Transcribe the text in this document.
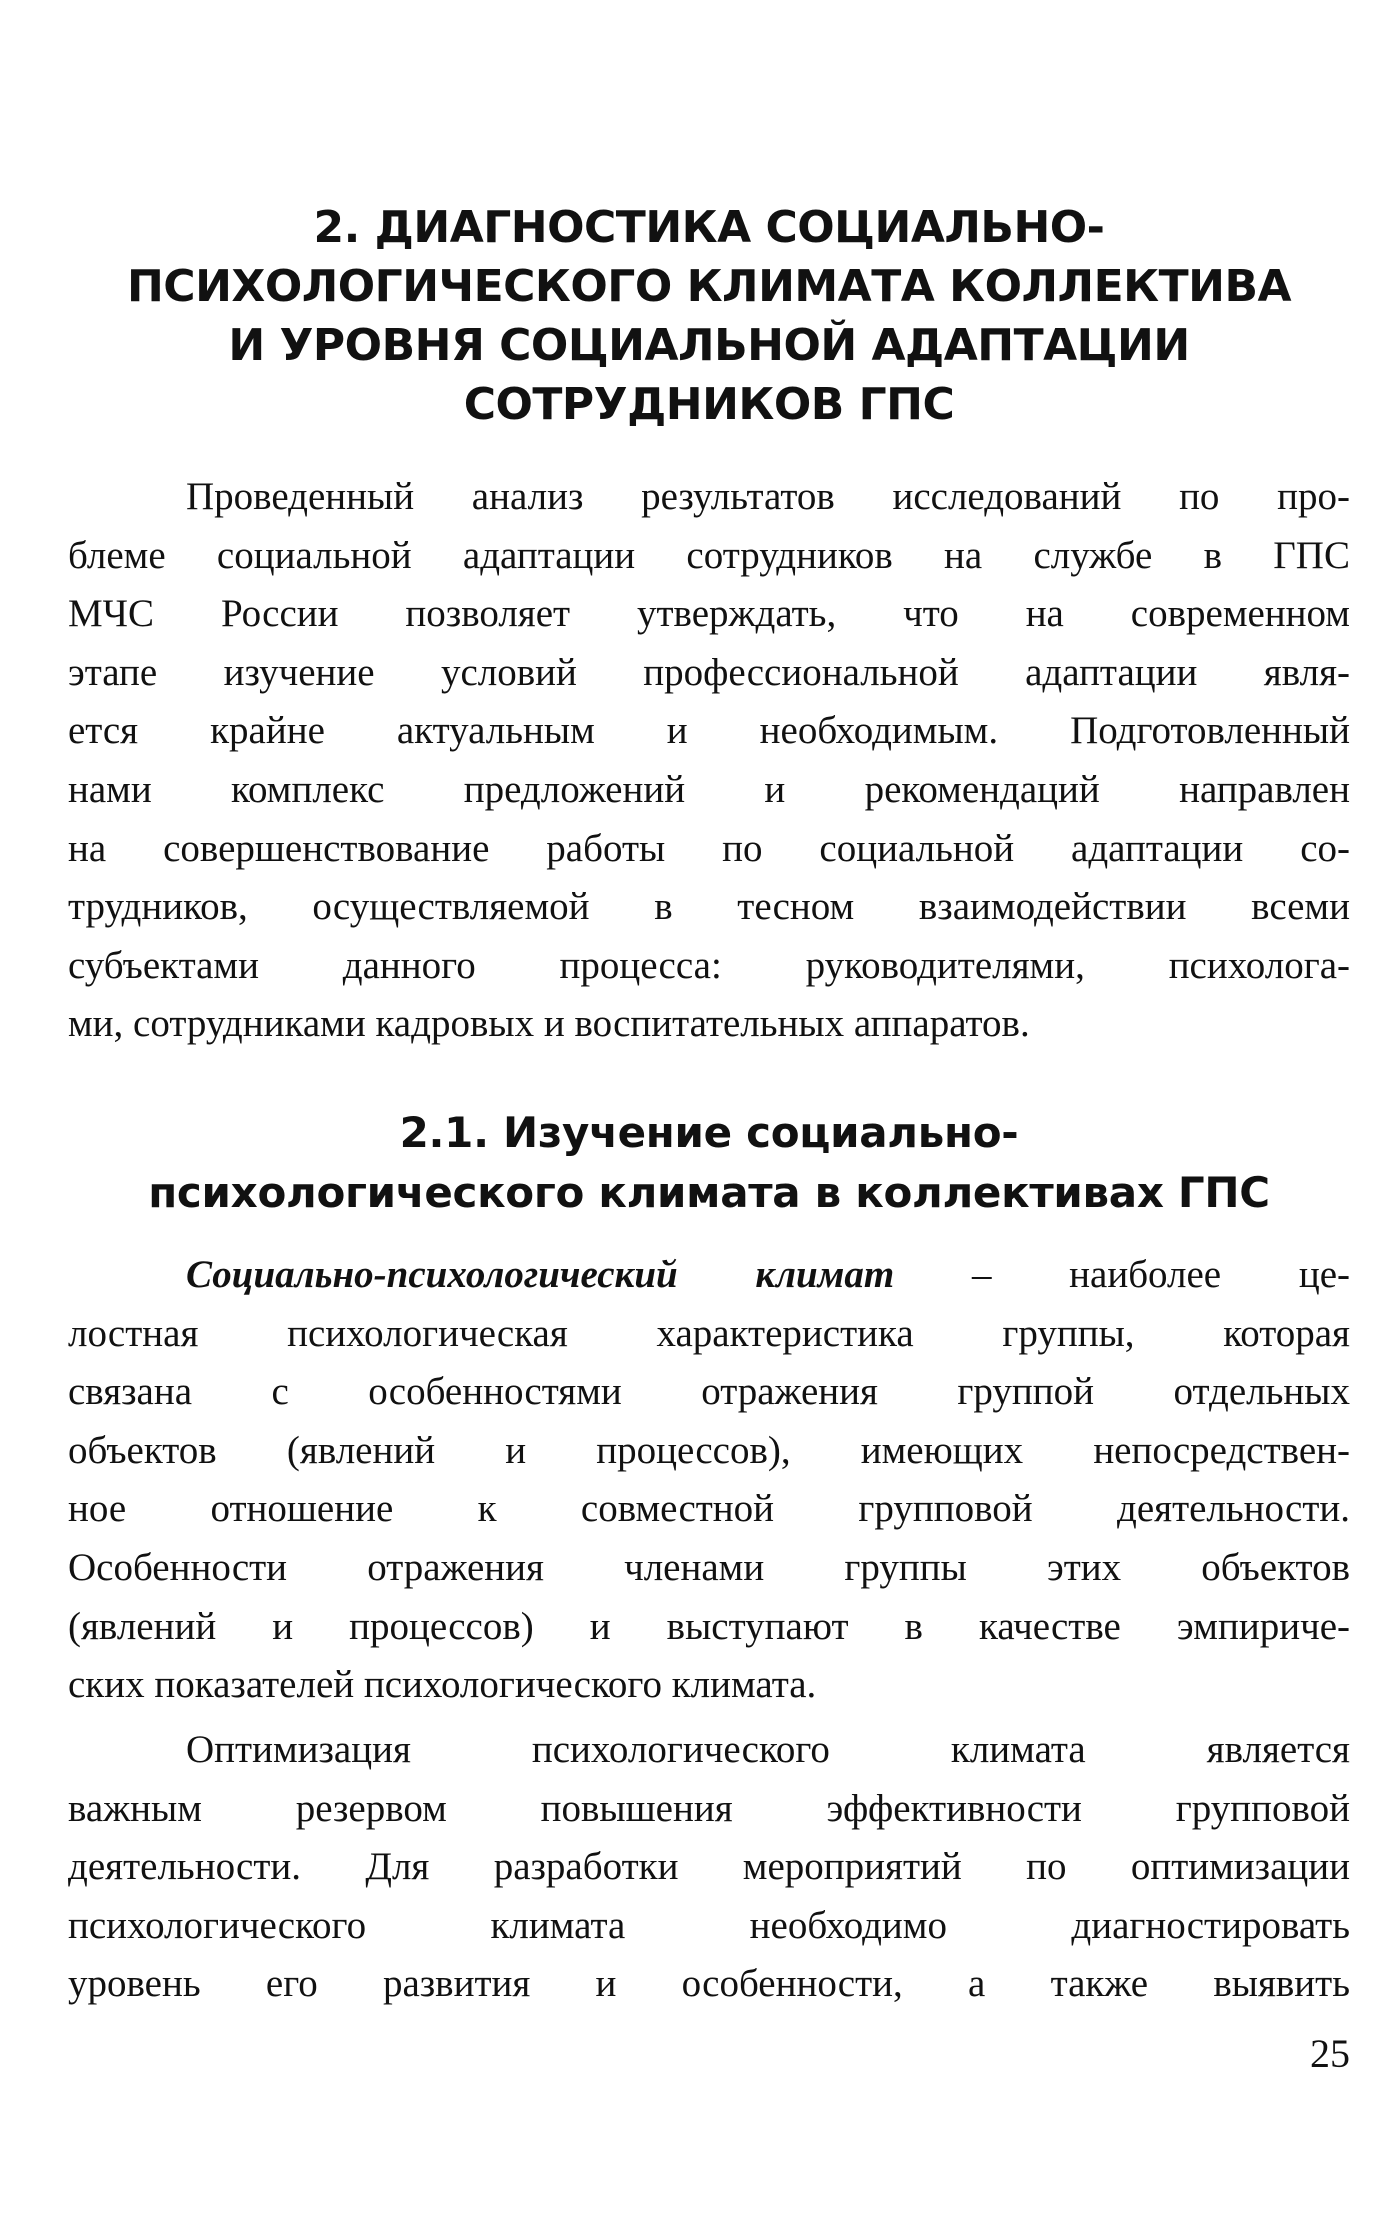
2. ДИАГНОСТИКА СОЦИАЛЬНО-
ПСИХОЛОГИЧЕСКОГО КЛИМАТА КОЛЛЕКТИВА
И УРОВНЯ СОЦИАЛЬНОЙ АДАПТАЦИИ
СОТРУДНИКОВ ГПС
Проведенный анализ результатов исследований по про-
блеме социальной адаптации сотрудников на службе в ГПС
МЧС России позволяет утверждать, что на современном
этапе изучение условий профессиональной адаптации явля-
ется крайне актуальным и необходимым. Подготовленный
нами комплекс предложений и рекомендаций направлен
на совершенствование работы по социальной адаптации со-
трудников, осуществляемой в тесном взаимодействии всеми
субъектами данного процесса: руководителями, психолога-
ми, сотрудниками кадровых и воспитательных аппаратов.
2.1. Изучение социально-
психологического климата в коллективах ГПС
Социально-психологический климат – наиболее це-
лостная психологическая характеристика группы, которая
связана с особенностями отражения группой отдельных
объектов (явлений и процессов), имеющих непосредствен-
ное отношение к совместной групповой деятельности.
Особенности отражения членами группы этих объектов
(явлений и процессов) и выступают в качестве эмпириче-
ских показателей психологического климата.
Оптимизация психологического климата является
важным резервом повышения эффективности групповой
деятельности. Для разработки мероприятий по оптимизации
психологического климата необходимо диагностировать
уровень его развития и особенности, а также выявить
25
